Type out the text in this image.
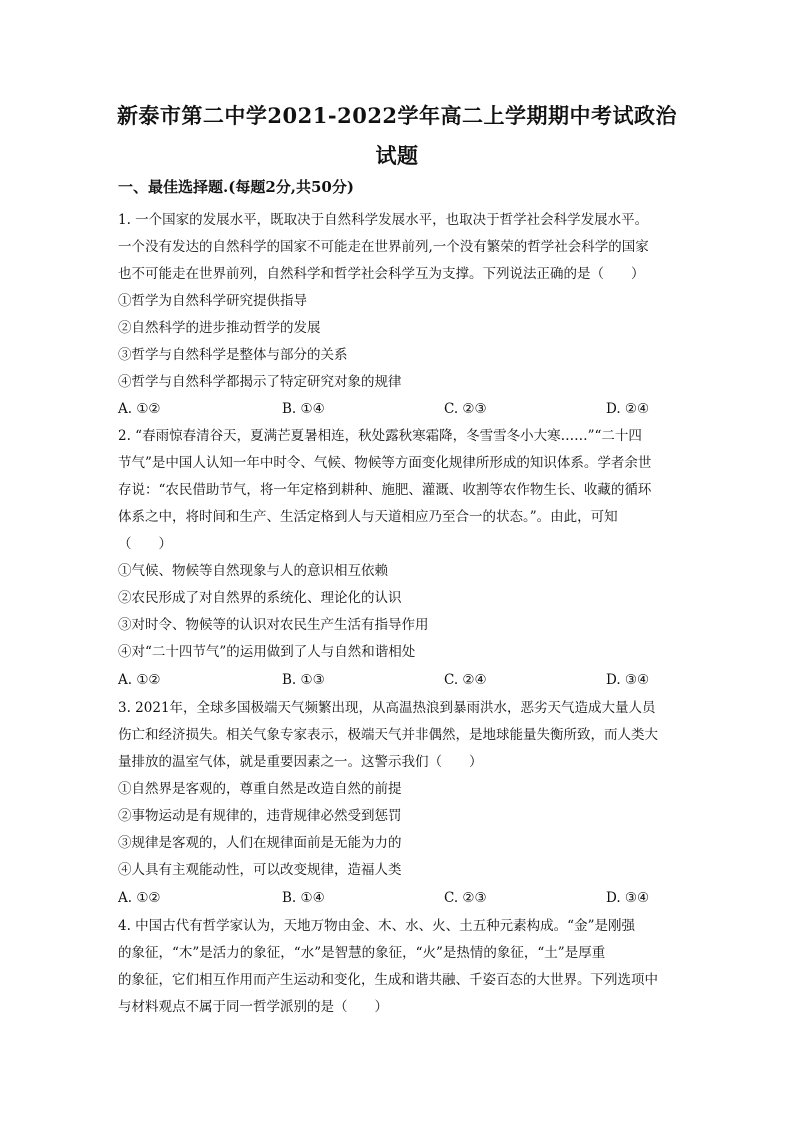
新泰市第二中学2021-2022学年高二上学期期中考试政治试题
一、最佳选择题.(每题2分,共50分)
1. 一个国家的发展水平，既取决于自然科学发展水平，也取决于哲学社会科学发展水平。
一个没有发达的自然科学的国家不可能走在世界前列,一个没有繁荣的哲学社会科学的国家
也不可能走在世界前列，自然科学和哲学社会科学互为支撑。下列说法正确的是（　　）
①哲学为自然科学研究提供指导
②自然科学的进步推动哲学的发展
③哲学与自然科学是整体与部分的关系
④哲学与自然科学都揭示了特定研究对象的规律
A. ①②	B. ①④	C. ②③	D. ②④
2. “春雨惊春清谷天，夏满芒夏暑相连，秋处露秋寒霜降，冬雪雪冬小大寒……”“二十四
节气”是中国人认知一年中时令、气候、物候等方面变化规律所形成的知识体系。学者余世
存说：“农民借助节气，将一年定格到耕种、施肥、灌溉、收割等农作物生长、收藏的循环
体系之中，将时间和生产、生活定格到人与天道相应乃至合一的状态。”。由此，可知
（　　）
①气候、物候等自然现象与人的意识相互依赖
②农民形成了对自然界的系统化、理论化的认识
③对时令、物候等的认识对农民生产生活有指导作用
④对“二十四节气”的运用做到了人与自然和谐相处
A. ①②	B. ①③	C. ②④	D. ③④
3. 2021年，全球多国极端天气频繁出现，从高温热浪到暴雨洪水，恶劣天气造成大量人员
伤亡和经济损失。相关气象专家表示，极端天气并非偶然，是地球能量失衡所致，而人类大
量排放的温室气体，就是重要因素之一。这警示我们（　　）
①自然界是客观的，尊重自然是改造自然的前提
②事物运动是有规律的，违背规律必然受到惩罚
③规律是客观的，人们在规律面前是无能为力的
④人具有主观能动性，可以改变规律，造福人类
A. ①②	B. ①④	C. ②③	D. ③④
4. 中国古代有哲学家认为，天地万物由金、木、水、火、土五种元素构成。“金”是刚强
的象征，“木”是活力的象征，“水”是智慧的象征，“火”是热情的象征，“土”是厚重
的象征，它们相互作用而产生运动和变化，生成和谐共融、千姿百态的大世界。下列选项中
与材料观点不属于同一哲学派别的是（　　）
